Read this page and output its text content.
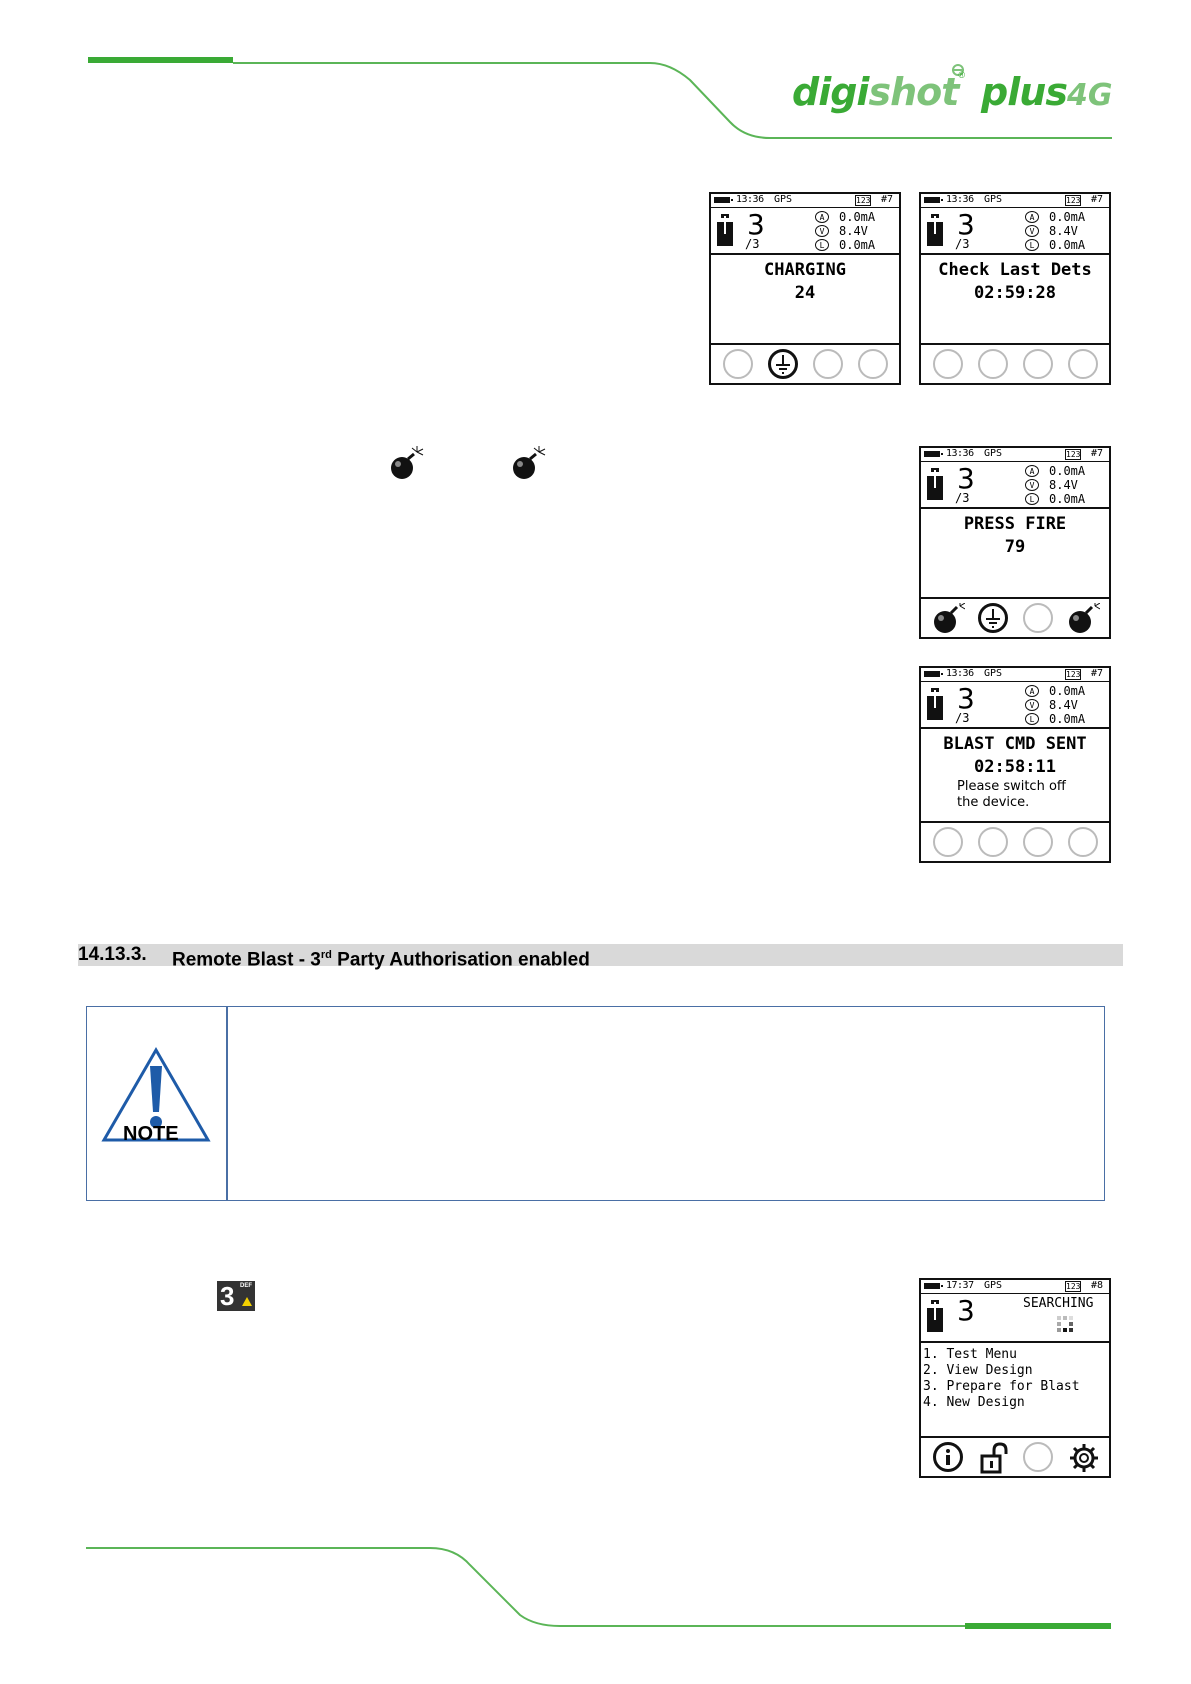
digishot® plus4G
13:36 GPS	123 #7
3
/3
A	0.0mA
V	8.4V
L	0.0mA
CHARGING
24
13:36 GPS	123 #7
3
/3
A	0.0mA
V	8.4V
L	0.0mA
Check Last Dets
02:59:28
13:36 GPS	123 #7
3
/3
A	0.0mA
V	8.4V
L	0.0mA
PRESS FIRE
79
13:36 GPS	123 #7
3
/3
A	0.0mA
V	8.4V
L	0.0mA
BLAST CMD SENT
02:58:11
Please switch off
the device.
14.13.3. Remote Blast - 3rd Party Authorisation enabled
NOTE
3 DEF	17:37 GPS	123 #8
3	SEARCHING
1. Test Menu
2. View Design
3. Prepare for Blast
4. New Design
